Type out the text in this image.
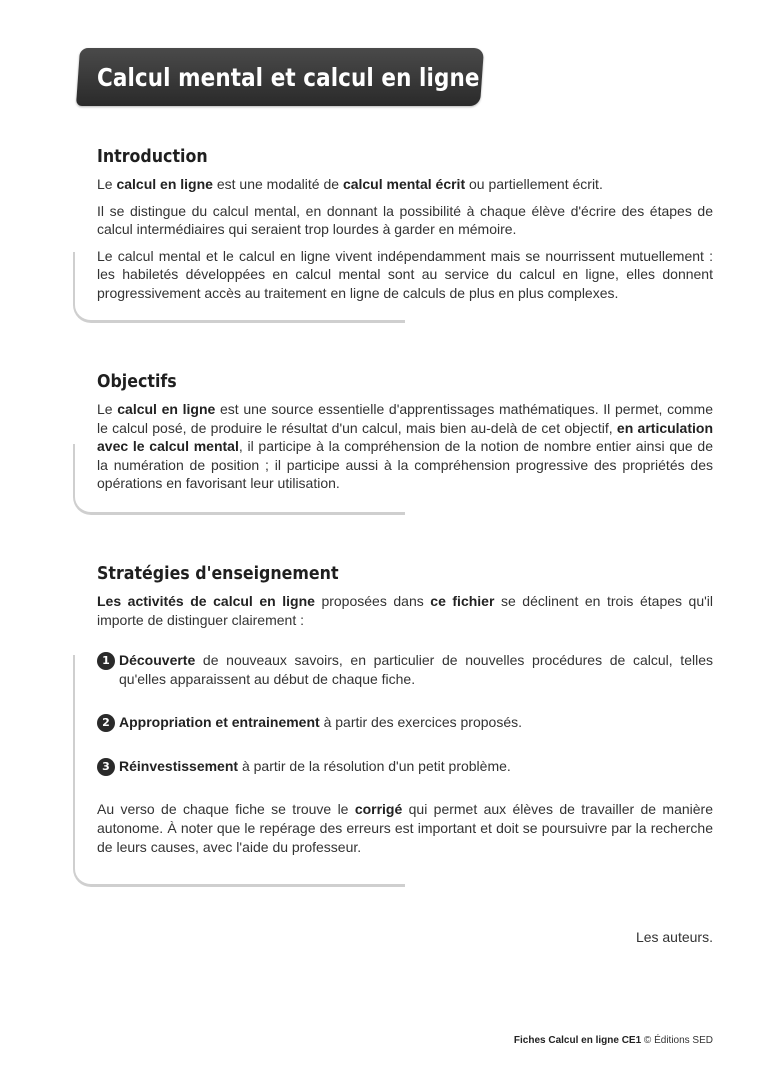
Calcul mental et calcul en ligne
Introduction

Le calcul en ligne est une modalité de calcul mental écrit ou partiellement écrit.

Il se distingue du calcul mental, en donnant la possibilité à chaque élève d'écrire des étapes de calcul intermédiaires qui seraient trop lourdes à garder en mémoire.

Le calcul mental et le calcul en ligne vivent indépendamment mais se nourrissent mutuellement : les habiletés développées en calcul mental sont au service du calcul en ligne, elles donnent progressivement accès au traitement en ligne de calculs de plus en plus complexes.

Objectifs

Le calcul en ligne est une source essentielle d'apprentissages mathématiques. Il permet, comme le calcul posé, de produire le résultat d'un calcul, mais bien au-delà de cet objectif, en articulation avec le calcul mental, il participe à la compréhension de la notion de nombre entier ainsi que de la numération de position ; il participe aussi à la compréhension progressive des propriétés des opérations en favorisant leur utilisation.

Stratégies d'enseignement

Les activités de calcul en ligne proposées dans ce fichier se déclinent en trois étapes qu'il importe de distinguer clairement :

1 Découverte de nouveaux savoirs, en particulier de nouvelles procédures de calcul, telles qu'elles apparaissent au début de chaque fiche.
2 Appropriation et entrainement à partir des exercices proposés.
3 Réinvestissement à partir de la résolution d'un petit problème.

Au verso de chaque fiche se trouve le corrigé qui permet aux élèves de travailler de manière autonome. À noter que le repérage des erreurs est important et doit se poursuivre par la recherche de leurs causes, avec l'aide du professeur.

Les auteurs.
Fiches Calcul en ligne CE1 © Éditions SED
